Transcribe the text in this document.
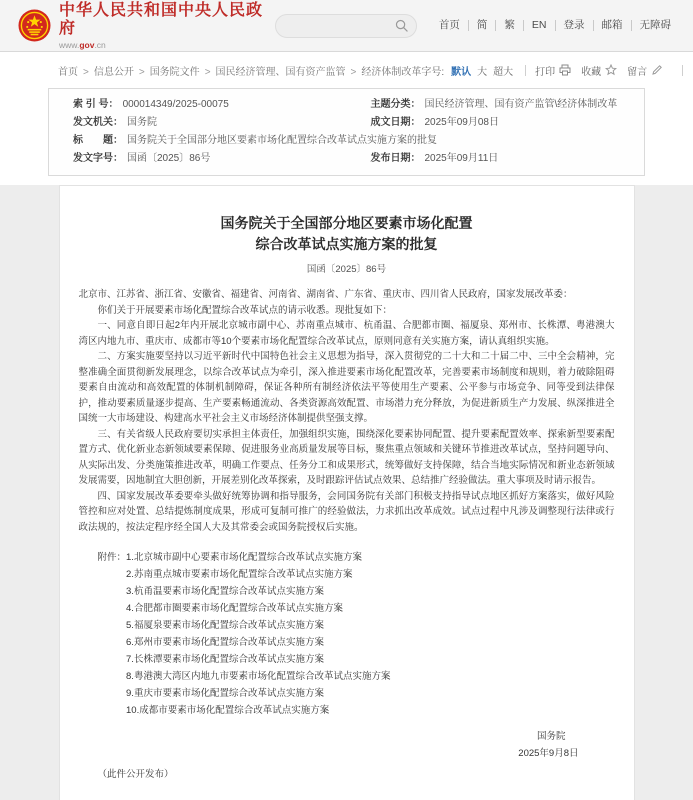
中华人民共和国中央人民政府
www.gov.cn
首页	简	繁	EN	登录	邮箱	无障碍
首页 > 信息公开 > 国务院文件 > 国民经济管理、国有资产监管 > 经济体制改革 字号: 默认 大 超大 打印	收藏	留言
索 引 号： 000014349/2025-00075	主题分类： 国民经济管理、国有资产监管\经济体制改革
发文机关： 国务院	成文日期： 2025年09月08日
标　　题： 国务院关于全国部分地区要素市场化配置综合改革试点实施方案的批复
发文字号： 国函〔2025〕86号	发布日期： 2025年09月11日
国务院关于全国部分地区要素市场化配置
综合改革试点实施方案的批复
国函〔2025〕86号

北京市、江苏省、浙江省、安徽省、福建省、河南省、湖南省、广东省、重庆市、四川省人民政府，国家发展改革委：

你们关于开展要素市场化配置综合改革试点的请示收悉。现批复如下：

一、同意自即日起2年内开展北京城市副中心、苏南重点城市、杭甬温、合肥都市圈、福厦泉、郑州市、长株潭、粤港澳大湾区内地九市、重庆市、成都市等10个要素市场化配置综合改革试点，原则同意有关实施方案，请认真组织实施。

二、方案实施要坚持以习近平新时代中国特色社会主义思想为指导，深入贯彻党的二十大和二十届二中、三中全会精神，完整准确全面贯彻新发展理念，以综合改革试点为牵引，深入推进要素市场化配置改革，完善要素市场制度和规则，着力破除阻碍要素自由流动和高效配置的体制机制障碍，保证各种所有制经济依法平等使用生产要素、公平参与市场竞争、同等受到法律保护，推动要素质量逐步提高、生产要素畅通流动、各类资源高效配置、市场潜力充分释放，为促进新质生产力发展、纵深推进全国统一大市场建设、构建高水平社会主义市场经济体制提供坚强支撑。

三、有关省级人民政府要切实承担主体责任，加强组织实施，围绕深化要素协同配置、提升要素配置效率、探索新型要素配置方式、优化新业态新领域要素保障、促进服务业高质量发展等目标，聚焦重点领域和关键环节推进改革试点，坚持问题导向、从实际出发、分类施策推进改革，明确工作要点、任务分工和成果形式，统筹做好支持保障，结合当地实际情况和新业态新领域发展需要，因地制宜大胆创新，开展差别化改革探索，及时跟踪评估试点效果、总结推广经验做法。重大事项及时请示报告。

四、国家发展改革委要牵头做好统筹协调和指导服务，会同国务院有关部门积极支持指导试点地区抓好方案落实，做好风险管控和应对处置、总结提炼制度成果，形成可复制可推广的经验做法，力求抓出改革成效。试点过程中凡涉及调整现行法律或行政法规的，按法定程序经全国人大及其常委会或国务院授权后实施。

附件： 1.北京城市副中心要素市场化配置综合改革试点实施方案
2.苏南重点城市要素市场化配置综合改革试点实施方案
3.杭甬温要素市场化配置综合改革试点实施方案
4.合肥都市圈要素市场化配置综合改革试点实施方案
5.福厦泉要素市场化配置综合改革试点实施方案
6.郑州市要素市场化配置综合改革试点实施方案
7.长株潭要素市场化配置综合改革试点实施方案
8.粤港澳大湾区内地九市要素市场化配置综合改革试点实施方案
9.重庆市要素市场化配置综合改革试点实施方案
10.成都市要素市场化配置综合改革试点实施方案
国务院
2025年9月8日
（此件公开发布）
